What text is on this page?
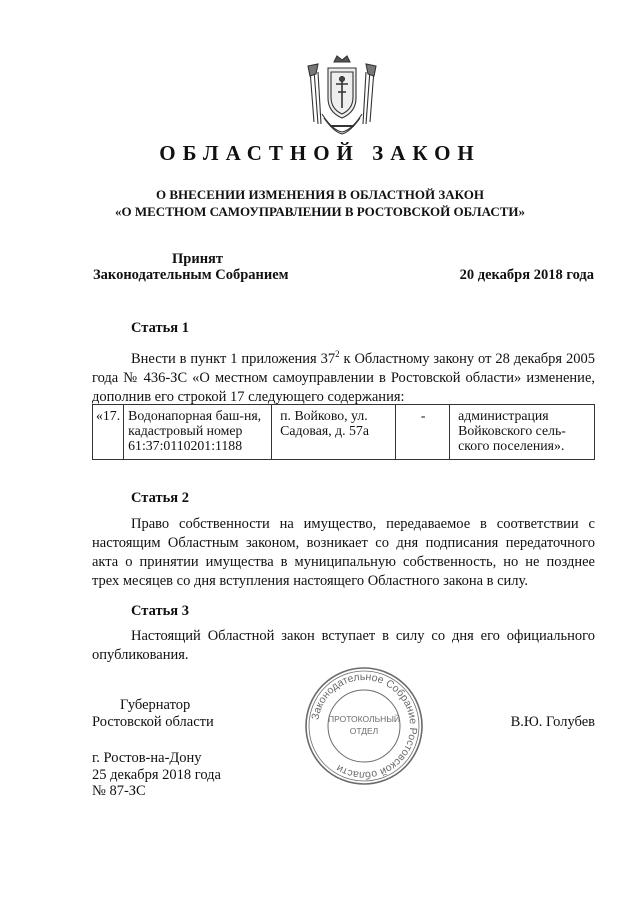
ОБЛАСТНОЙ ЗАКОН
О ВНЕСЕНИИ ИЗМЕНЕНИЯ В ОБЛАСТНОЙ ЗАКОН
«О МЕСТНОМ САМОУПРАВЛЕНИИ В РОСТОВСКОЙ ОБЛАСТИ»
Принят
Законодательным Собранием	20 декабря 2018 года
Статья 1

Внести в пункт 1 приложения $37^2$ к Областному закону от 28 декабря 2005 года № 436-ЗС «О местном самоуправлении в Ростовской области» изменение, дополнив его строкой 17 следующего содержания:

«17.	Водонапорная баш-ня, кадастровый номер 61:37:0110201:1188	п. Войково, ул. Садовая, д. 57а	-	администрация Войковского сель-ского поселения».
Статья 2

Право собственности на имущество, передаваемое в соответствии с настоящим Областным законом, возникает со дня подписания передаточного акта о принятии имущества в муниципальную собственность, но не позднее трех месяцев со дня вступления настоящего Областного закона в силу.

Статья 3

Настоящий Областной закон вступает в силу со дня его официального опубликования.

Губернатор
Ростовской области	В.Ю. Голубев
г. Ростов-на-Дону
25 декабря 2018 года
№ 87-ЗС
Законодательное Собрание Ростовской области
ПРОТОКОЛЬНЫЙ
ОТДЕЛ
